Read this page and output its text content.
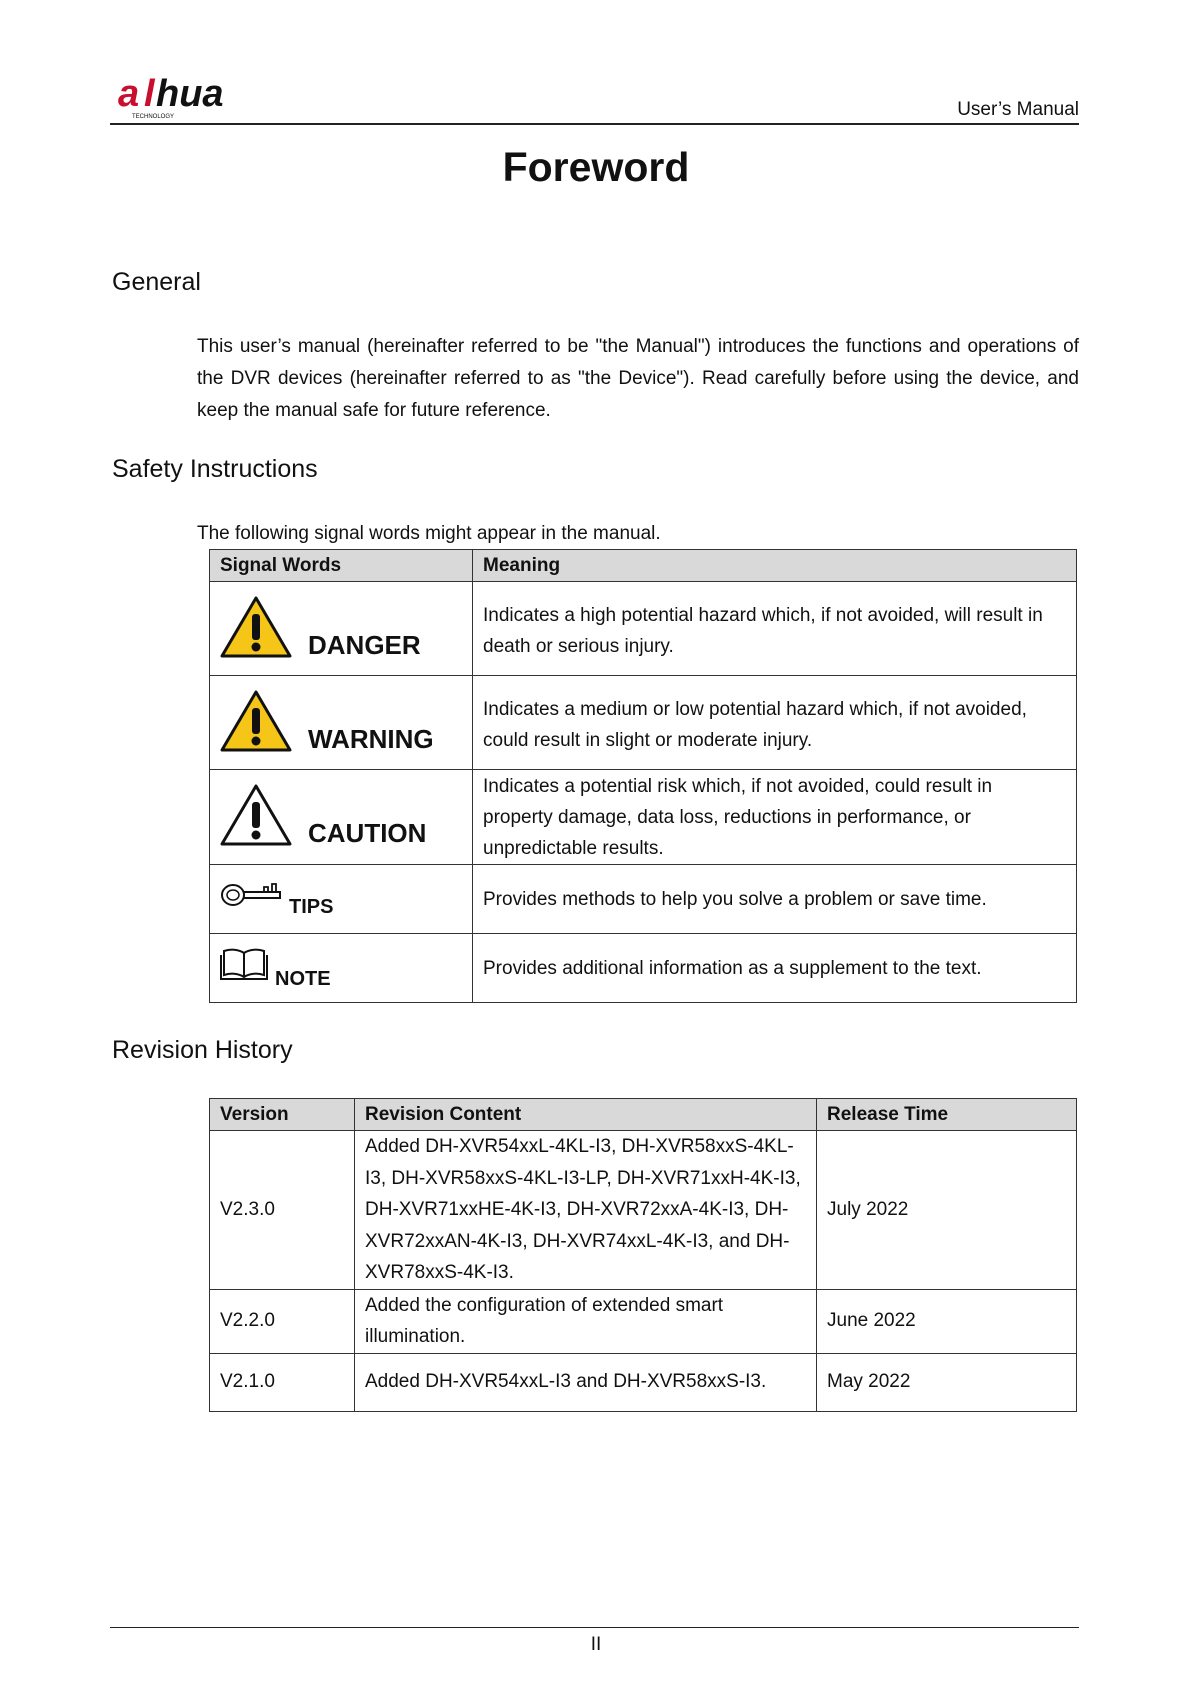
a l hua
TECHNOLOGY	User’s Manual
Foreword
General
This user’s manual (hereinafter referred to be "the Manual") introduces the functions and operations of the DVR devices (hereinafter referred to as "the Device"). Read carefully before using the device, and keep the manual safe for future reference.
Safety Instructions
The following signal words might appear in the manual.
Signal Words	Meaning

DANGER	Indicates a high potential hazard which, if not avoided, will result in death or serious injury.

WARNING	Indicates a medium or low potential hazard which, if not avoided, could result in slight or moderate injury.

CAUTION	Indicates a potential risk which, if not avoided, could result in property damage, data loss, reductions in performance, or unpredictable results.

TIPS	Provides methods to help you solve a problem or save time.

NOTE	Provides additional information as a supplement to the text.
Revision History
Version	Revision Content	Release Time
V2.3.0	Added DH-XVR54xxL-4KL-I3, DH-XVR58xxS-4KL-I3, DH-XVR58xxS-4KL-I3-LP, DH-XVR71xxH-4K-I3, DH-XVR71xxHE-4K-I3, DH-XVR72xxA-4K-I3, DH-XVR72xxAN-4K-I3, DH-XVR74xxL-4K-I3, and DH-XVR78xxS-4K-I3.	July 2022
V2.2.0	Added the configuration of extended smart illumination.	June 2022
V2.1.0	Added DH-XVR54xxL-I3 and DH-XVR58xxS-I3.	May 2022
II
